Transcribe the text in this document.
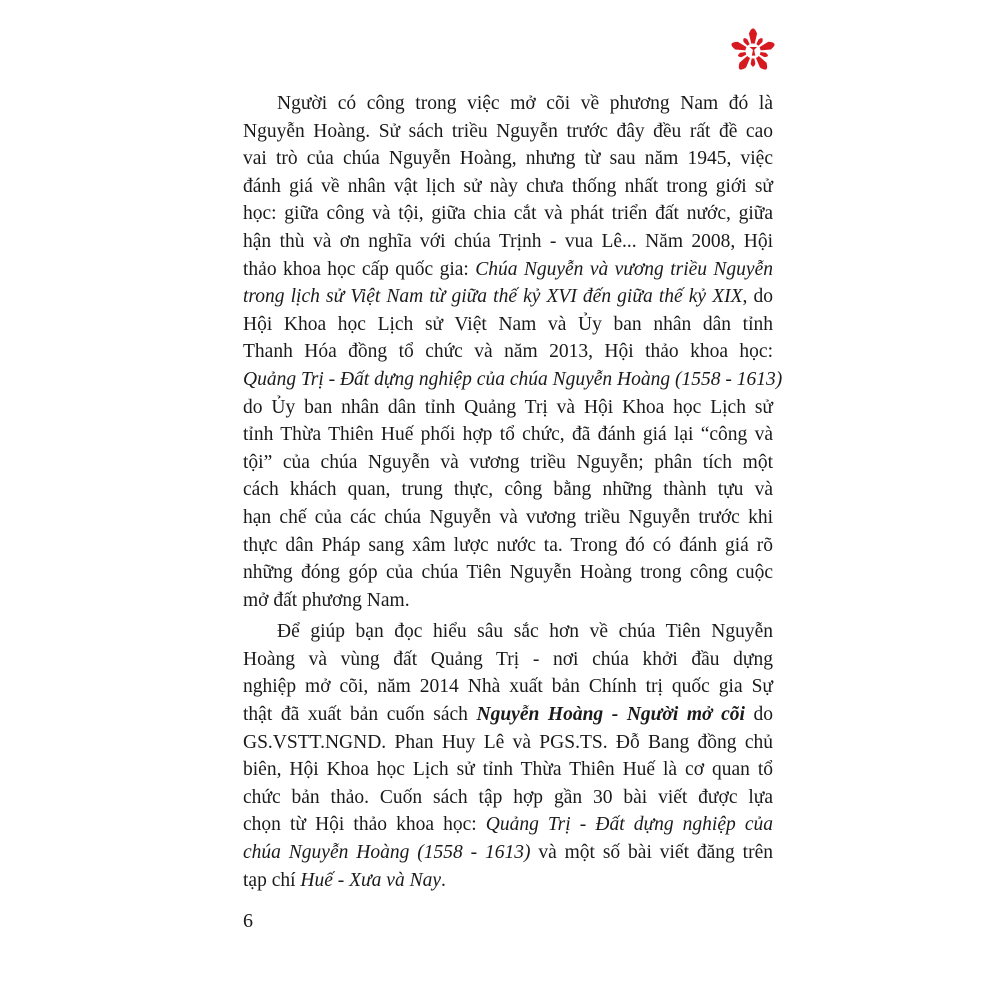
Người có công trong việc mở cõi về phương Nam đó là
Nguyễn Hoàng. Sử sách triều Nguyễn trước đây đều rất đề cao
vai trò của chúa Nguyễn Hoàng, nhưng từ sau năm 1945, việc
đánh giá về nhân vật lịch sử này chưa thống nhất trong giới sử
học: giữa công và tội, giữa chia cắt và phát triển đất nước, giữa
hận thù và ơn nghĩa với chúa Trịnh - vua Lê... Năm 2008, Hội
thảo khoa học cấp quốc gia: Chúa Nguyễn và vương triều Nguyễn
trong lịch sử Việt Nam từ giữa thế kỷ XVI đến giữa thế kỷ XIX, do
Hội Khoa học Lịch sử Việt Nam và Ủy ban nhân dân tỉnh
Thanh Hóa đồng tổ chức và năm 2013, Hội thảo khoa học:
Quảng Trị - Đất dựng nghiệp của chúa Nguyễn Hoàng (1558 - 1613)
do Ủy ban nhân dân tỉnh Quảng Trị và Hội Khoa học Lịch sử
tỉnh Thừa Thiên Huế phối hợp tổ chức, đã đánh giá lại “công và
tội” của chúa Nguyễn và vương triều Nguyễn; phân tích một
cách khách quan, trung thực, công bằng những thành tựu và
hạn chế của các chúa Nguyễn và vương triều Nguyễn trước khi
thực dân Pháp sang xâm lược nước ta. Trong đó có đánh giá rõ
những đóng góp của chúa Tiên Nguyễn Hoàng trong công cuộc
mở đất phương Nam.
Để giúp bạn đọc hiểu sâu sắc hơn về chúa Tiên Nguyễn
Hoàng và vùng đất Quảng Trị - nơi chúa khởi đầu dựng
nghiệp mở cõi, năm 2014 Nhà xuất bản Chính trị quốc gia Sự
thật đã xuất bản cuốn sách Nguyễn Hoàng - Người mở cõi do
GS.VSTT.NGND. Phan Huy Lê và PGS.TS. Đỗ Bang đồng chủ
biên, Hội Khoa học Lịch sử tỉnh Thừa Thiên Huế là cơ quan tổ
chức bản thảo. Cuốn sách tập hợp gần 30 bài viết được lựa
chọn từ Hội thảo khoa học: Quảng Trị - Đất dựng nghiệp của
chúa Nguyễn Hoàng (1558 - 1613) và một số bài viết đăng trên
tạp chí Huế - Xưa và Nay.
6
